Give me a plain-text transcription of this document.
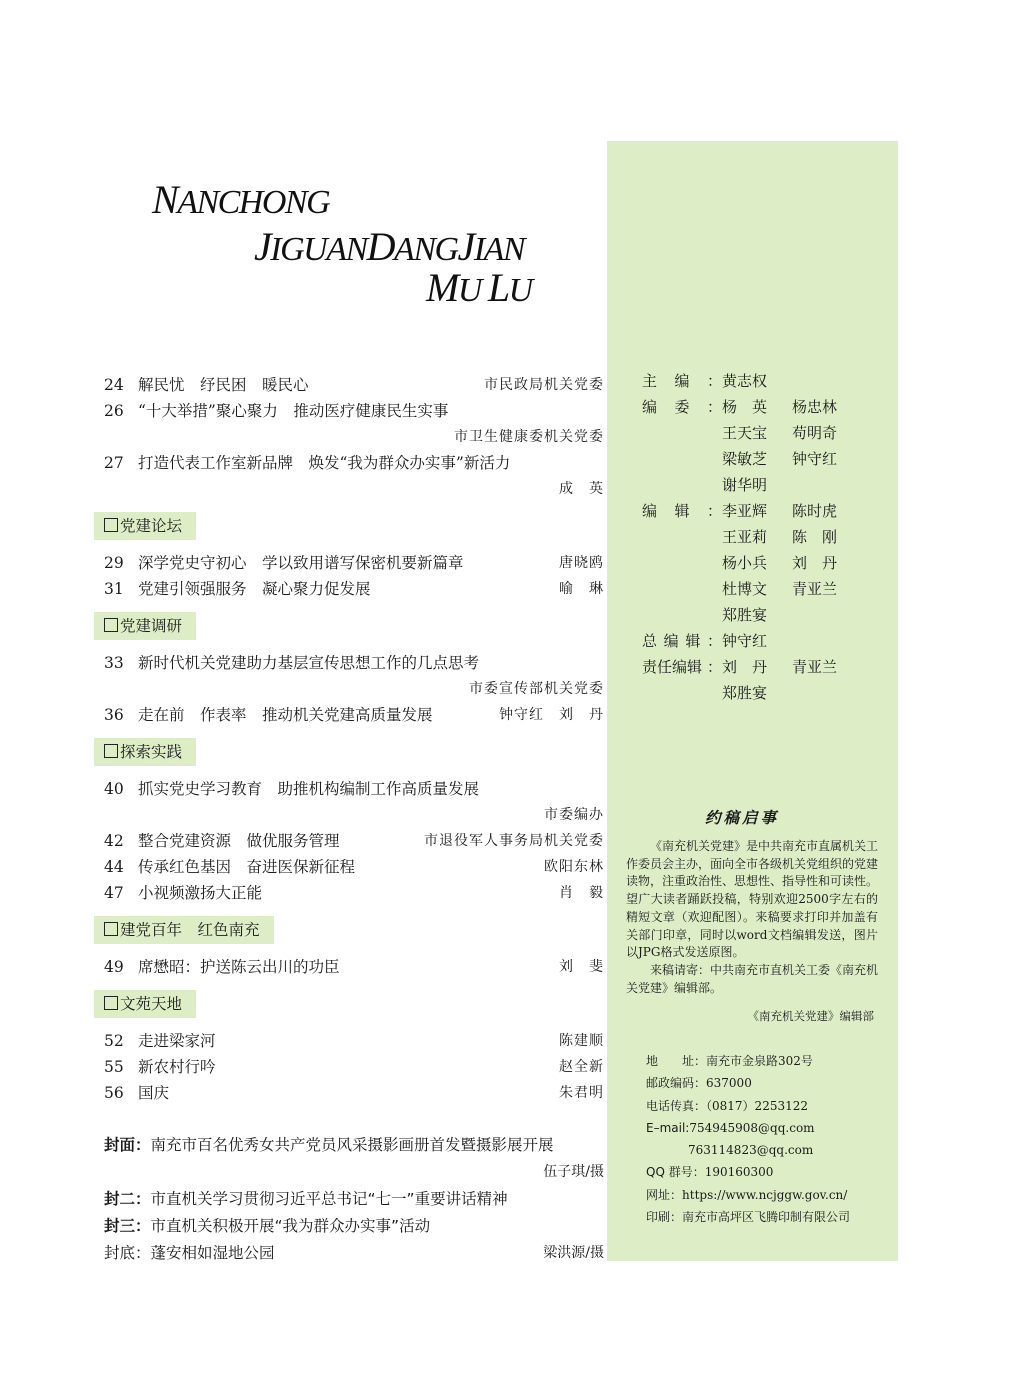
NANCHONG
JIGUANDANGJIAN
MU LU
24 解民忧　纾民困　暖民心	市民政局机关党委
26 “十大举措”聚心聚力　推动医疗健康民生实事
市卫生健康委机关党委
27 打造代表工作室新品牌　焕发“我为群众办实事”新活力
成　英
党建论坛
29 深学党史守初心　学以致用谱写保密机要新篇章	唐晓鸥
31 党建引领强服务　凝心聚力促发展	喻　琳
党建调研
33 新时代机关党建助力基层宣传思想工作的几点思考
市委宣传部机关党委
36 走在前　作表率　推动机关党建高质量发展	钟守红　刘　丹
探索实践
40 抓实党史学习教育　助推机构编制工作高质量发展
市委编办
42 整合党建资源　做优服务管理	市退役军人事务局机关党委
44 传承红色基因　奋进医保新征程	欧阳东林
47 小视频激扬大正能	肖　毅
建党百年　红色南充
49 席懋昭：护送陈云出川的功臣	刘　斐
文苑天地
52 走进梁家河	陈建顺
55 新农村行吟	赵全新
56 国庆	朱君明
封面：南充市百名优秀女共产党员风采摄影画册首发暨摄影展开展
伍子琪/摄
封二：市直机关学习贯彻习近平总书记“七一”重要讲话精神
封三：市直机关积极开展“我为群众办实事”活动
封底：蓬安相如湿地公园	梁洪源/摄
主 编 ： 黄志权
编 委 ： 杨　英	杨忠林
王天宝	苟明奇
梁敏芝	钟守红
谢华明
编 辑 ： 李亚辉	陈时虎
王亚莉	陈　刚
杨小兵	刘　丹
杜博文	青亚兰
郑胜宴
总 编 辑 ： 钟守红
责任编辑 ： 刘　丹	青亚兰
郑胜宴
约稿启事

《南充机关党建》是中共南充市直属机关工作委员会主办，面向全市各级机关党组织的党建读物，注重政治性、思想性、指导性和可读性。望广大读者踊跃投稿，特别欢迎2500字左右的精短文章（欢迎配图）。来稿要求打印并加盖有关部门印章，同时以word文档编辑发送，图片以JPG格式发送原图。

来稿请寄：中共南充市直机关工委《南充机关党建》编辑部。

《南充机关党建》编辑部
地　　址：南充市金泉路302号
邮政编码：637000
电话传真：（0817）2253122
E–mail:754945908@qq.com
763114823@qq.com
QQ 群号：190160300
网址：https://www.ncjggw.gov.cn/
印刷：南充市高坪区飞腾印制有限公司
